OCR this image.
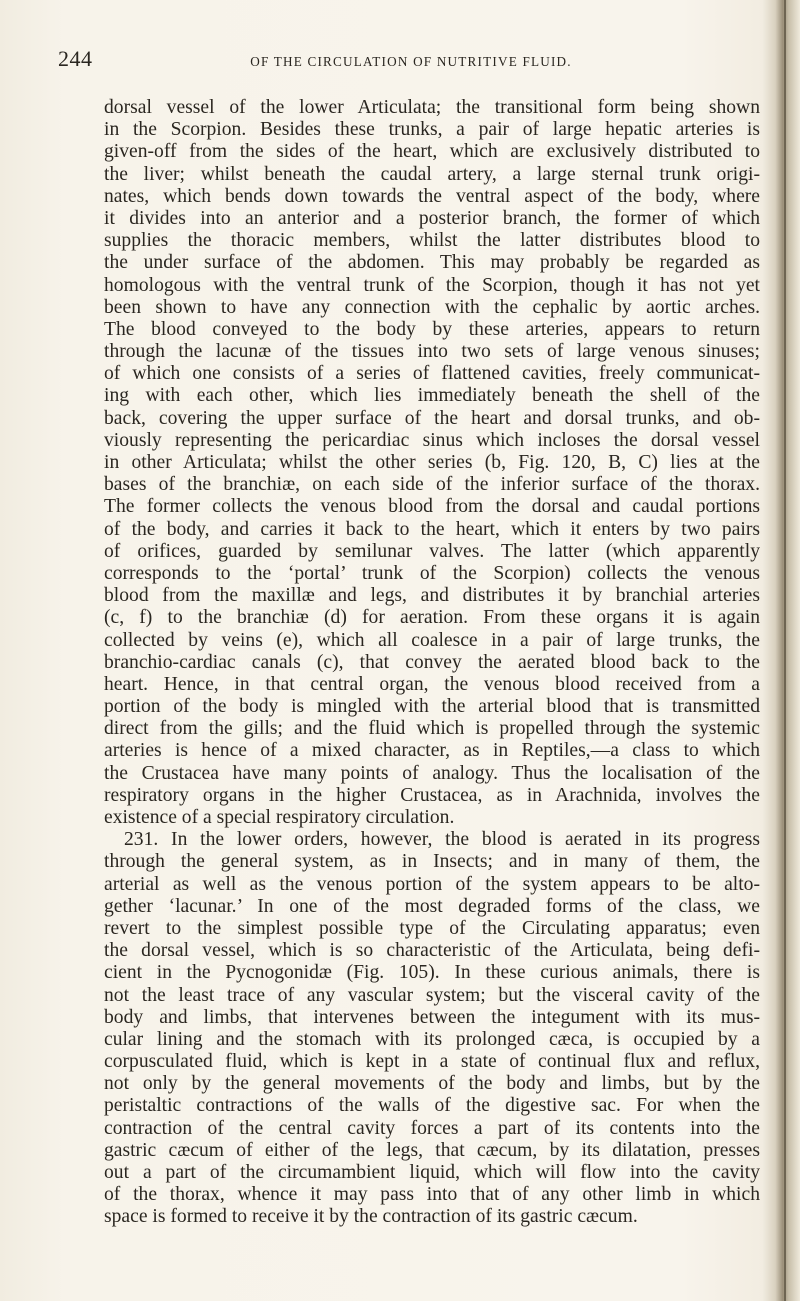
244	OF THE CIRCULATION OF NUTRITIVE FLUID.
dorsal vessel of the lower Articulata; the transitional form being shown
in the Scorpion. Besides these trunks, a pair of large hepatic arteries is
given-off from the sides of the heart, which are exclusively distributed to
the liver; whilst beneath the caudal artery, a large sternal trunk origi-
nates, which bends down towards the ventral aspect of the body, where
it divides into an anterior and a posterior branch, the former of which
supplies the thoracic members, whilst the latter distributes blood to
the under surface of the abdomen. This may probably be regarded as
homologous with the ventral trunk of the Scorpion, though it has not yet
been shown to have any connection with the cephalic by aortic arches.
The blood conveyed to the body by these arteries, appears to return
through the lacunæ of the tissues into two sets of large venous sinuses;
of which one consists of a series of flattened cavities, freely communicat-
ing with each other, which lies immediately beneath the shell of the
back, covering the upper surface of the heart and dorsal trunks, and ob-
viously representing the pericardiac sinus which incloses the dorsal vessel
in other Articulata; whilst the other series (b, Fig. 120, B, C) lies at the
bases of the branchiæ, on each side of the inferior surface of the thorax.
The former collects the venous blood from the dorsal and caudal portions
of the body, and carries it back to the heart, which it enters by two pairs
of orifices, guarded by semilunar valves. The latter (which apparently
corresponds to the ‘portal’ trunk of the Scorpion) collects the venous
blood from the maxillæ and legs, and distributes it by branchial arteries
(c, f) to the branchiæ (d) for aeration. From these organs it is again
collected by veins (e), which all coalesce in a pair of large trunks, the
branchio-cardiac canals (c), that convey the aerated blood back to the
heart. Hence, in that central organ, the venous blood received from a
portion of the body is mingled with the arterial blood that is transmitted
direct from the gills; and the fluid which is propelled through the systemic
arteries is hence of a mixed character, as in Reptiles,—a class to which
the Crustacea have many points of analogy. Thus the localisation of the
respiratory organs in the higher Crustacea, as in Arachnida, involves the
existence of a special respiratory circulation.
231. In the lower orders, however, the blood is aerated in its progress
through the general system, as in Insects; and in many of them, the
arterial as well as the venous portion of the system appears to be alto-
gether ‘lacunar.’ In one of the most degraded forms of the class, we
revert to the simplest possible type of the Circulating apparatus; even
the dorsal vessel, which is so characteristic of the Articulata, being defi-
cient in the Pycnogonidæ (Fig. 105). In these curious animals, there is
not the least trace of any vascular system; but the visceral cavity of the
body and limbs, that intervenes between the integument with its mus-
cular lining and the stomach with its prolonged cæca, is occupied by a
corpusculated fluid, which is kept in a state of continual flux and reflux,
not only by the general movements of the body and limbs, but by the
peristaltic contractions of the walls of the digestive sac. For when the
contraction of the central cavity forces a part of its contents into the
gastric cæcum of either of the legs, that cæcum, by its dilatation, presses
out a part of the circumambient liquid, which will flow into the cavity
of the thorax, whence it may pass into that of any other limb in which
space is formed to receive it by the contraction of its gastric cæcum.
